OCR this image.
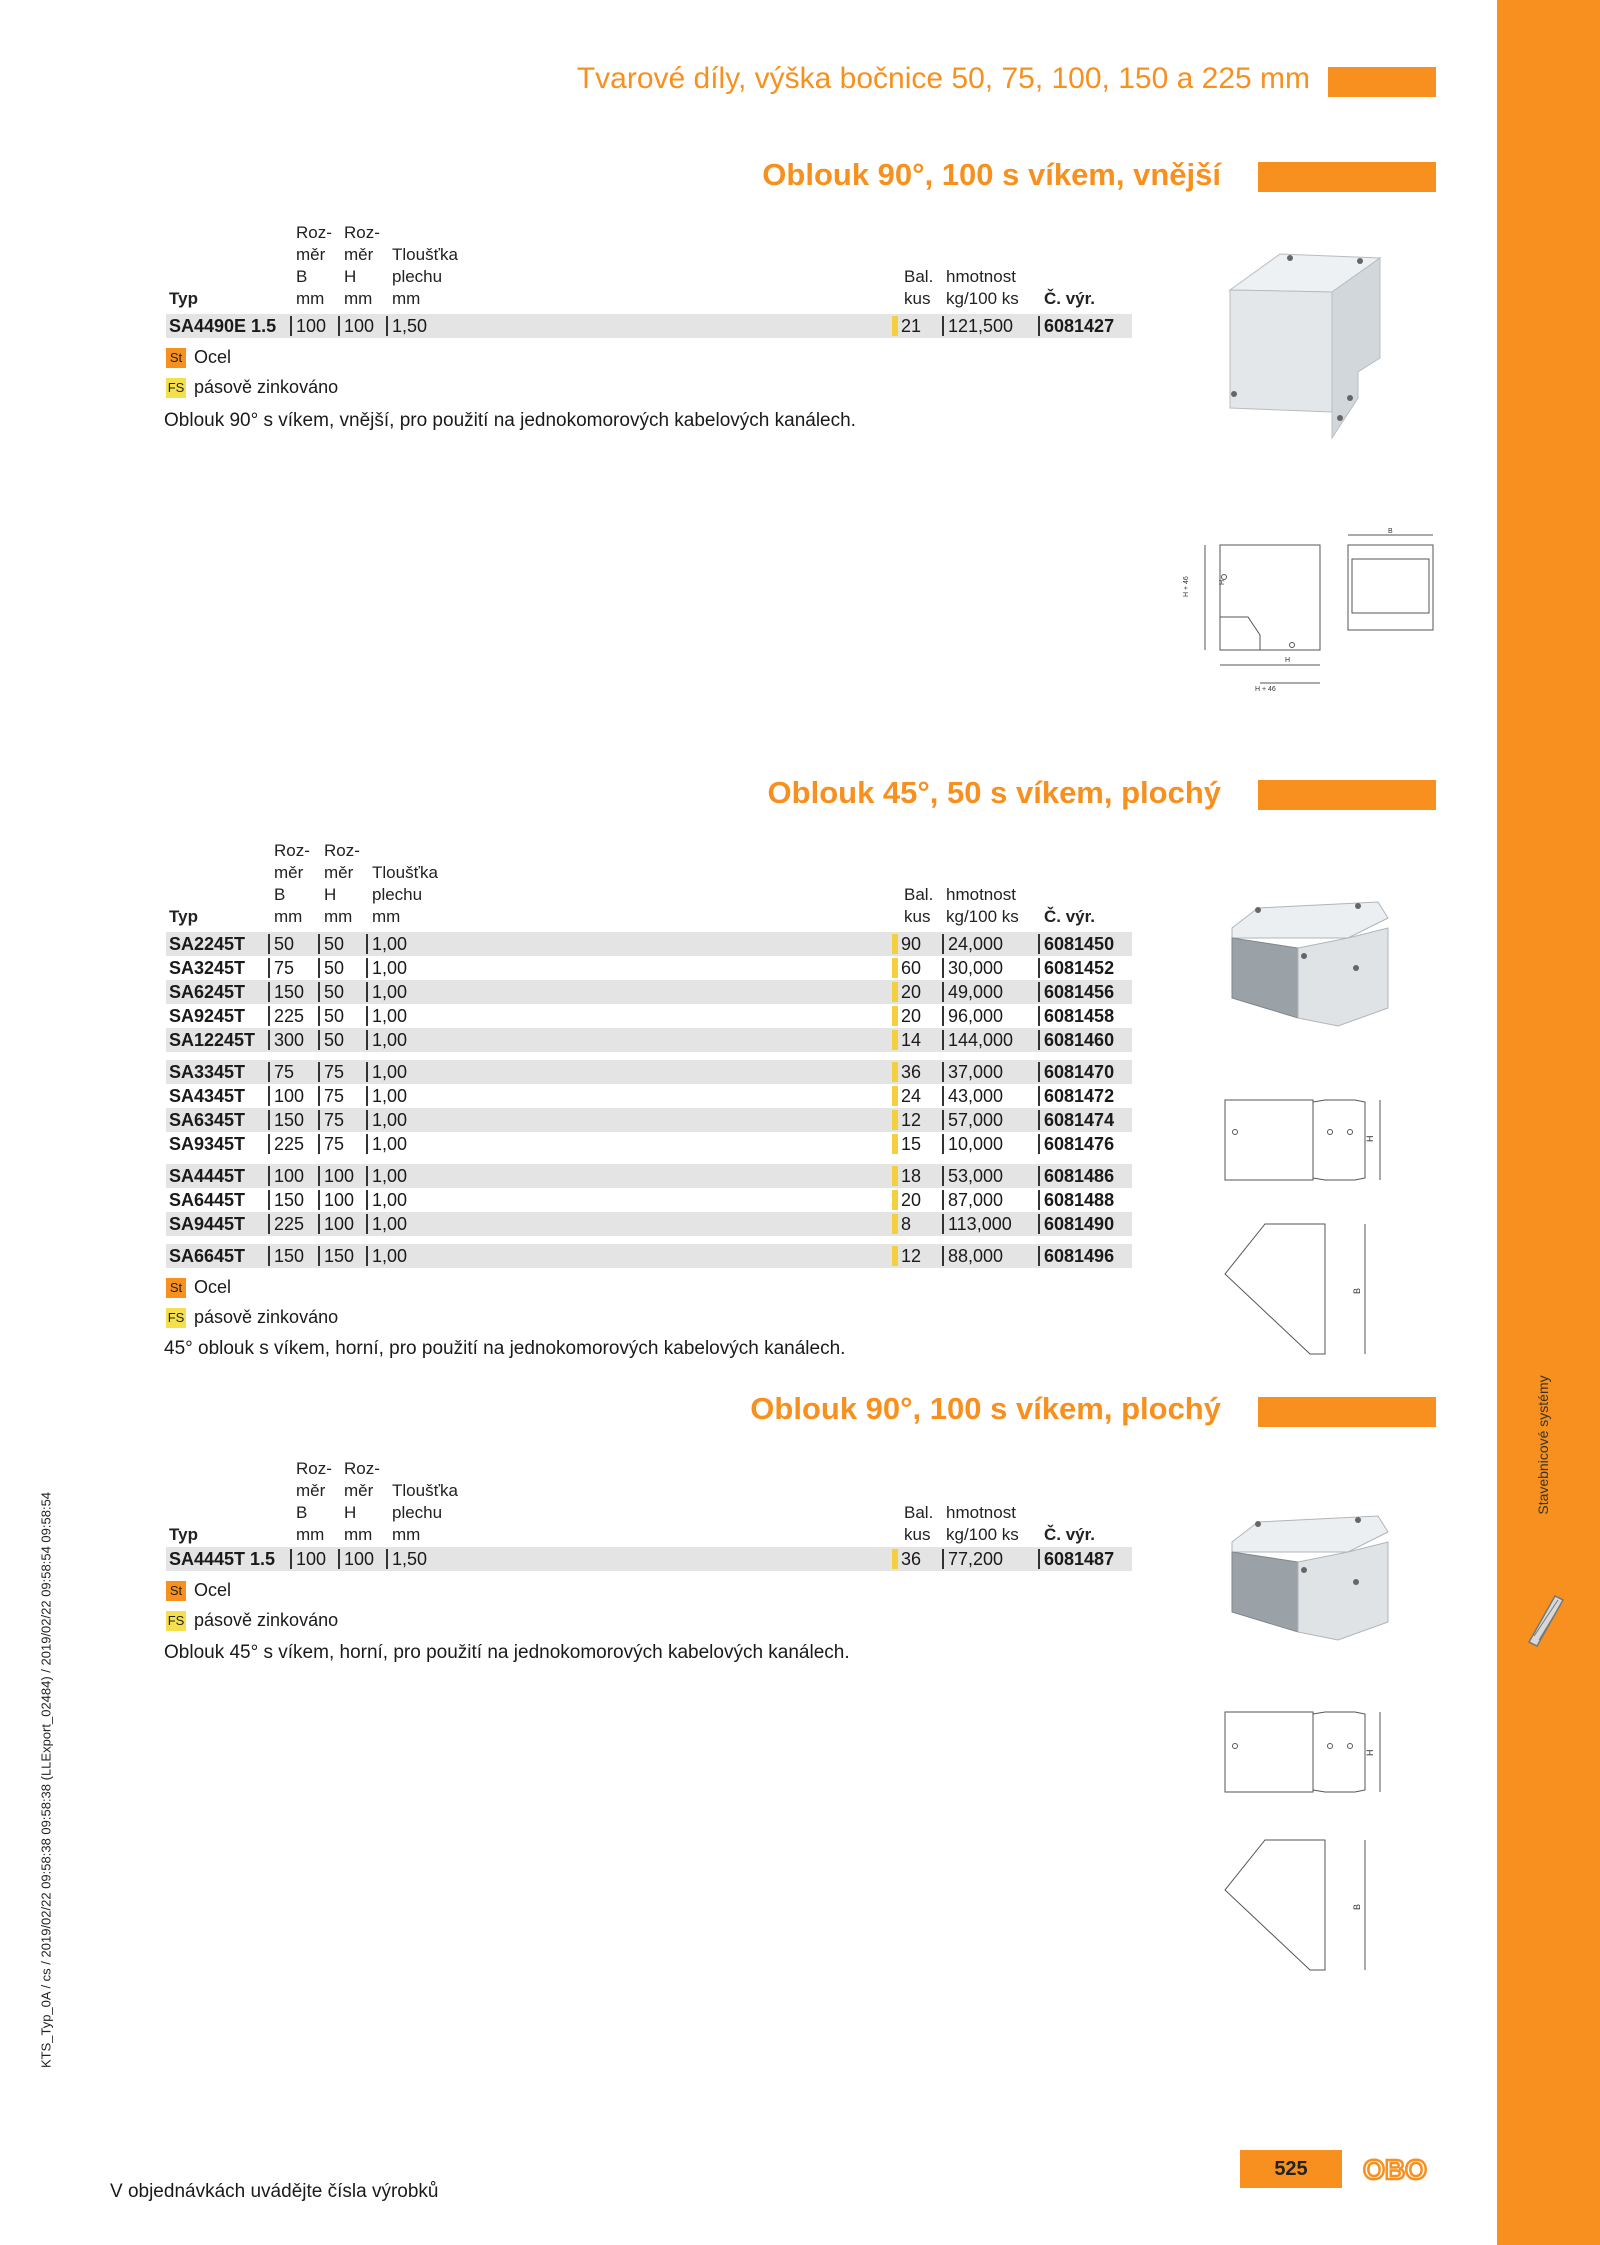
Stavebnicové systémy
KTS_Typ_0A / cs / 2019/02/22 09:58:38 09:58:38 (LLExport_02484) / 2019/02/22 09:58:54 09:58:54
Tvarové díly, výška bočnice 50, 75, 100, 150 a 225 mm
Oblouk 90°, 100 s víkem, vnější
Roz-
měr
B
mm
Roz-
měr
H
mm
Tloušťka
plechu
mm
Typ
Bal.
kus
hmotnost
kg/100 ks Č. výr.
SA4490E 1.5	100 100 1,50	21	121,500	6081427
St Ocel
FS pásově zinkováno
Oblouk 90° s víkem, vnější, pro použití na jednokomorových kabelových kanálech.
H + 46	H
H
H + 46
B
Oblouk 45°, 50 s víkem, plochý
Roz-
měr
B
mm
Roz-
měr
H
mm
Tloušťka
plechu
mm
Typ
Bal.
kus
hmotnost
kg/100 ks Č. výr.
SA2245T	50	50	1,00	90	24,000	6081450
SA3245T	75	50	1,00	60	30,000	6081452
SA6245T	150	50	1,00	20	49,000	6081456
SA9245T	225	50	1,00	20	96,000	6081458
SA12245T	300	50	1,00	14	144,000	6081460
SA3345T	75	75	1,00	36	37,000	6081470
SA4345T	100	75	1,00	24	43,000	6081472
SA6345T	150	75	1,00	12	57,000	6081474
SA9345T	225	75	1,00	15	10,000	6081476
SA4445T	100	100 1,00	18	53,000	6081486
SA6445T	150	100 1,00	20	87,000	6081488
SA9445T	225	100 1,00	8	113,000	6081490
SA6645T	150	150 1,00	12	88,000	6081496
St Ocel
FS pásově zinkováno
45° oblouk s víkem, horní, pro použití na jednokomorových kabelových kanálech.
H
B
Oblouk 90°, 100 s víkem, plochý
Roz-
měr
B
mm
Roz-
měr
H
mm
Tloušťka
plechu
mm
Typ
Bal.
kus
hmotnost
kg/100 ks Č. výr.
SA4445T 1.5	100 100 1,50	36	77,200	6081487
St Ocel
FS pásově zinkováno
Oblouk 45° s víkem, horní, pro použití na jednokomorových kabelových kanálech.
H
B
V objednávkách uvádějte čísla výrobků
525	OBO
